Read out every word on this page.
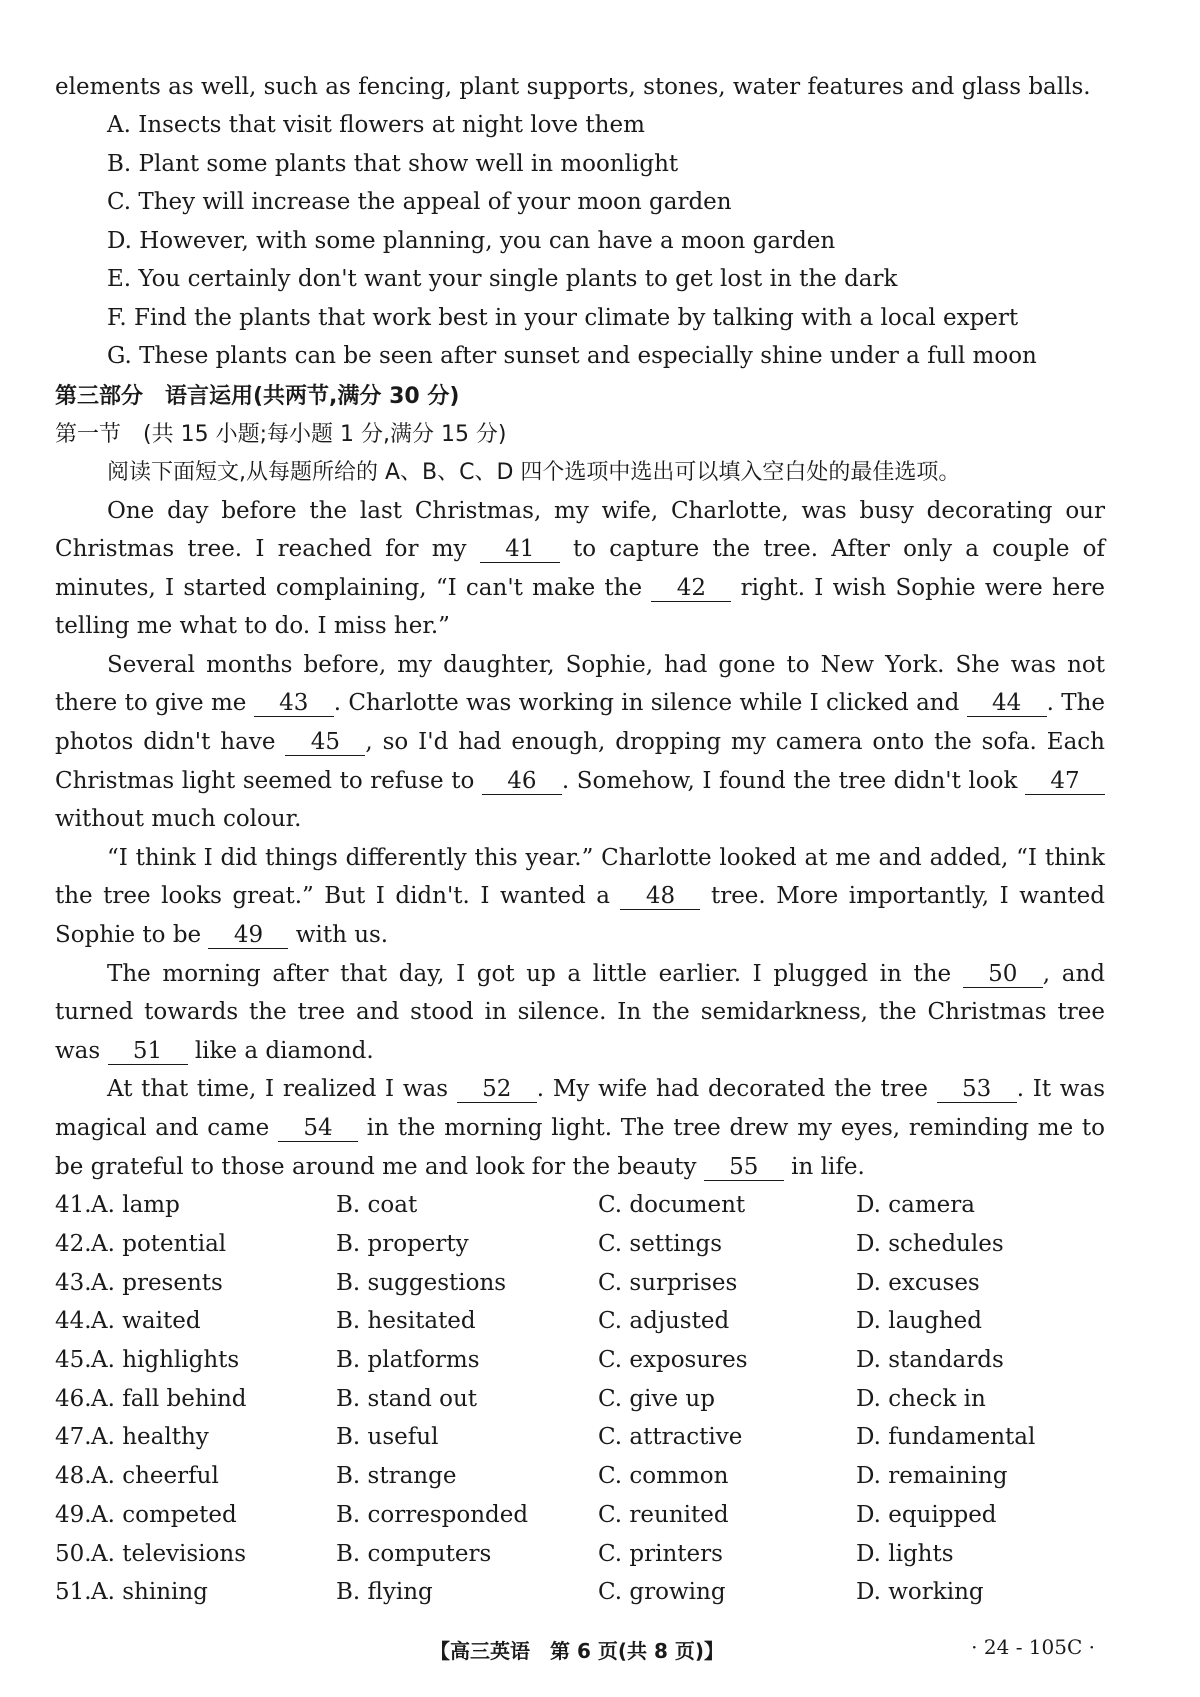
elements as well, such as fencing, plant supports, stones, water features and glass balls.
A. Insects that visit flowers at night love them
B. Plant some plants that show well in moonlight
C. They will increase the appeal of your moon garden
D. However, with some planning, you can have a moon garden
E. You certainly don't want your single plants to get lost in the dark
F. Find the plants that work best in your climate by talking with a local expert
G. These plants can be seen after sunset and especially shine under a full moon
第三部分　语言运用(共两节,满分 30 分)
第一节　(共 15 小题;每小题 1 分,满分 15 分)
阅读下面短文,从每题所给的 A、B、C、D 四个选项中选出可以填入空白处的最佳选项。

One day before the last Christmas, my wife, Charlotte, was busy decorating our Christmas tree. I reached for my 41 to capture the tree. After only a couple of minutes, I started complaining, “I can't make the 42 right. I wish Sophie were here telling me what to do. I miss her.”

Several months before, my daughter, Sophie, had gone to New York. She was not there to give me 43 . Charlotte was working in silence while I clicked and 44 . The photos didn't have 45 , so I'd had enough, dropping my camera onto the sofa. Each Christmas light seemed to refuse to 46 . Somehow, I found the tree didn't look 47 without much colour.

“I think I did things differently this year.” Charlotte looked at me and added, “I think the tree looks great.” But I didn't. I wanted a 48 tree. More importantly, I wanted Sophie to be 49 with us.

The morning after that day, I got up a little earlier. I plugged in the 50 , and turned towards the tree and stood in silence. In the semidarkness, the Christmas tree was 51 like a diamond.

At that time, I realized I was 52 . My wife had decorated the tree 53 . It was magical and came 54 in the morning light. The tree drew my eyes, reminding me to be grateful to those around me and look for the beauty 55 in life.

41. A. lamp	B. coat	C. document	D. camera
42. A. potential	B. property	C. settings	D. schedules
43. A. presents	B. suggestions	C. surprises	D. excuses
44. A. waited	B. hesitated	C. adjusted	D. laughed
45. A. highlights	B. platforms	C. exposures	D. standards
46. A. fall behind	B. stand out	C. give up	D. check in
47. A. healthy	B. useful	C. attractive	D. fundamental
48. A. cheerful	B. strange	C. common	D. remaining
49. A. competed	B. corresponded	C. reunited	D. equipped
50. A. televisions	B. computers	C. printers	D. lights
51. A. shining	B. flying	C. growing	D. working
【高三英语　第 6 页(共 8 页)】	· 24 - 105C ·
